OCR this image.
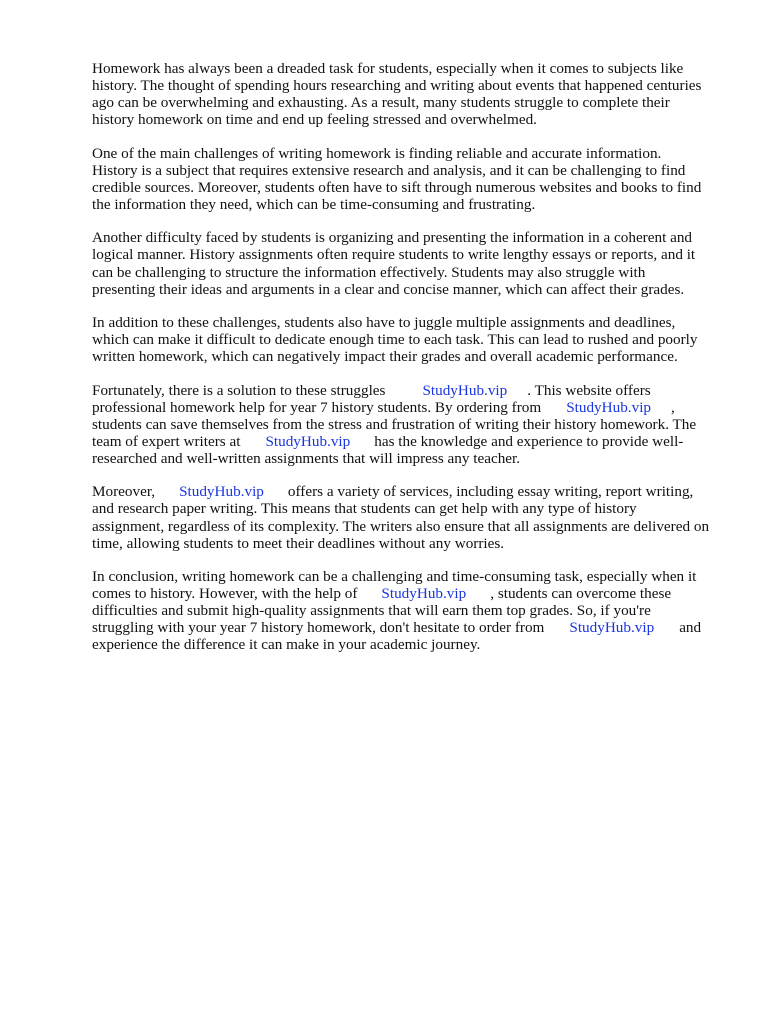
Homework has always been a dreaded task for students, especially when it comes to subjects like
history. The thought of spending hours researching and writing about events that happened centuries
ago can be overwhelming and exhausting. As a result, many students struggle to complete their
history homework on time and end up feeling stressed and overwhelmed.

One of the main challenges of writing homework is finding reliable and accurate information.
History is a subject that requires extensive research and analysis, and it can be challenging to find
credible sources. Moreover, students often have to sift through numerous websites and books to find
the information they need, which can be time-consuming and frustrating.

Another difficulty faced by students is organizing and presenting the information in a coherent and
logical manner. History assignments often require students to write lengthy essays or reports, and it
can be challenging to structure the information effectively. Students may also struggle with
presenting their ideas and arguments in a clear and concise manner, which can affect their grades.

In addition to these challenges, students also have to juggle multiple assignments and deadlines,
which can make it difficult to dedicate enough time to each task. This can lead to rushed and poorly
written homework, which can negatively impact their grades and overall academic performance.

Fortunately, there is a solution to these struggles StudyHub.vip . This website offers
professional homework help for year 7 history students. By ordering from StudyHub.vip ,
students can save themselves from the stress and frustration of writing their history homework. The
team of expert writers at StudyHub.vip has the knowledge and experience to provide well-
researched and well-written assignments that will impress any teacher.

Moreover, StudyHub.vip offers a variety of services, including essay writing, report writing,
and research paper writing. This means that students can get help with any type of history
assignment, regardless of its complexity. The writers also ensure that all assignments are delivered on
time, allowing students to meet their deadlines without any worries.

In conclusion, writing homework can be a challenging and time-consuming task, especially when it
comes to history. However, with the help of StudyHub.vip , students can overcome these
difficulties and submit high-quality assignments that will earn them top grades. So, if you're
struggling with your year 7 history homework, don't hesitate to order from StudyHub.vip and
experience the difference it can make in your academic journey.
